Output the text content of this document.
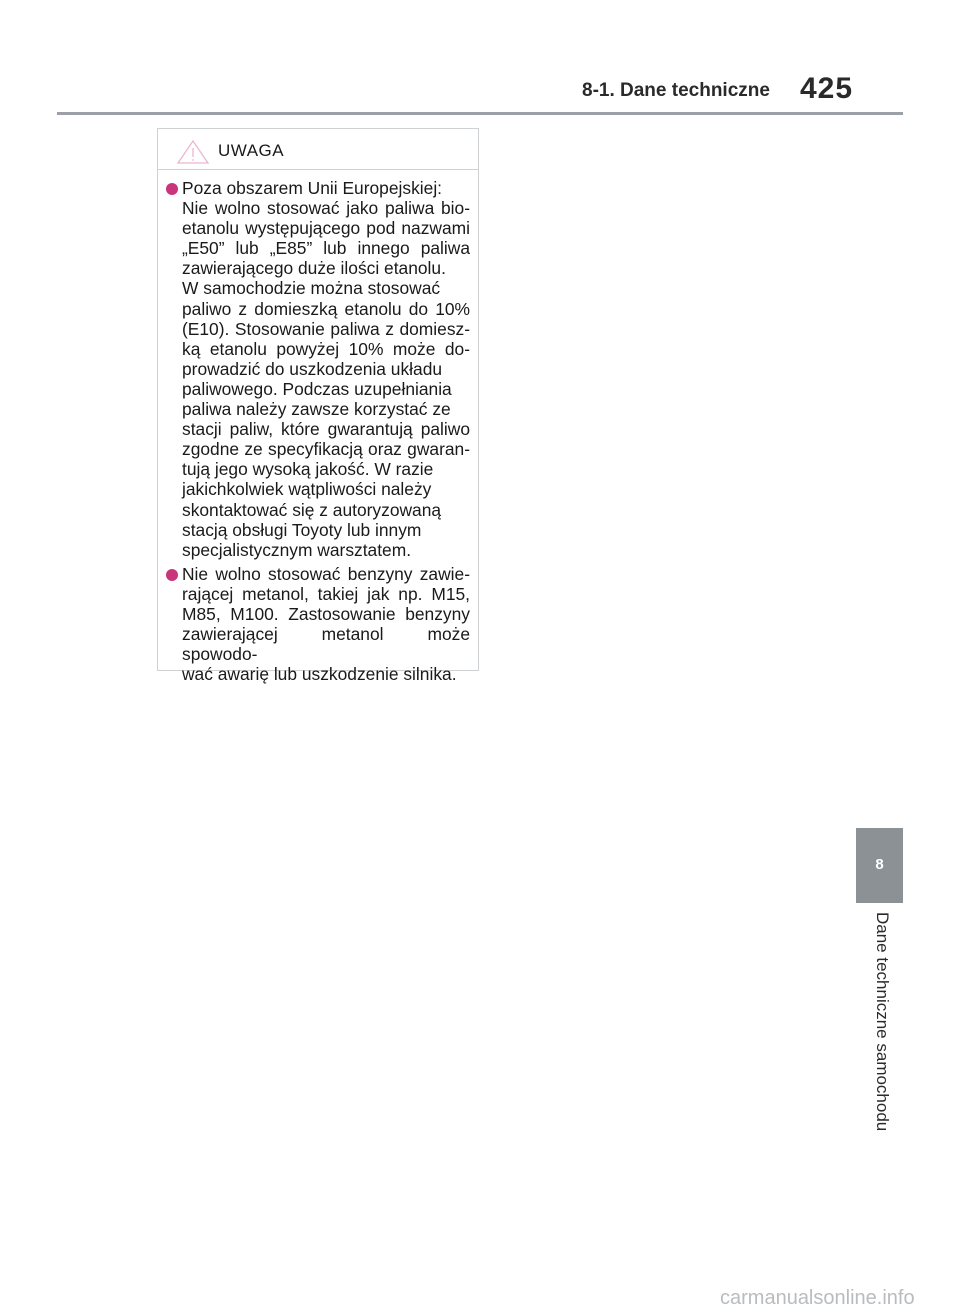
8-1. Dane techniczne 425
UWAGA
Poza obszarem Unii Europejskiej:
Nie wolno stosować jako paliwa bio-
etanolu występującego pod nazwami
„E50” lub „E85” lub innego paliwa
zawierającego duże ilości etanolu.
W samochodzie można stosować
paliwo z domieszką etanolu do 10%
(E10). Stosowanie paliwa z domiesz-
ką etanolu powyżej 10% może do-
prowadzić do uszkodzenia układu
paliwowego. Podczas uzupełniania
paliwa należy zawsze korzystać ze
stacji paliw, które gwarantują paliwo
zgodne ze specyfikacją oraz gwaran-
tują jego wysoką jakość. W razie
jakichkolwiek wątpliwości należy
skontaktować się z autoryzowaną
stacją obsługi Toyoty lub innym
specjalistycznym warsztatem.
Nie wolno stosować benzyny zawie-
rającej metanol, takiej jak np. M15,
M85, M100. Zastosowanie benzyny
zawierającej metanol może spowodo-
wać awarię lub uszkodzenie silnika.
8
Dane techniczne samochodu
carmanualsonline.info
